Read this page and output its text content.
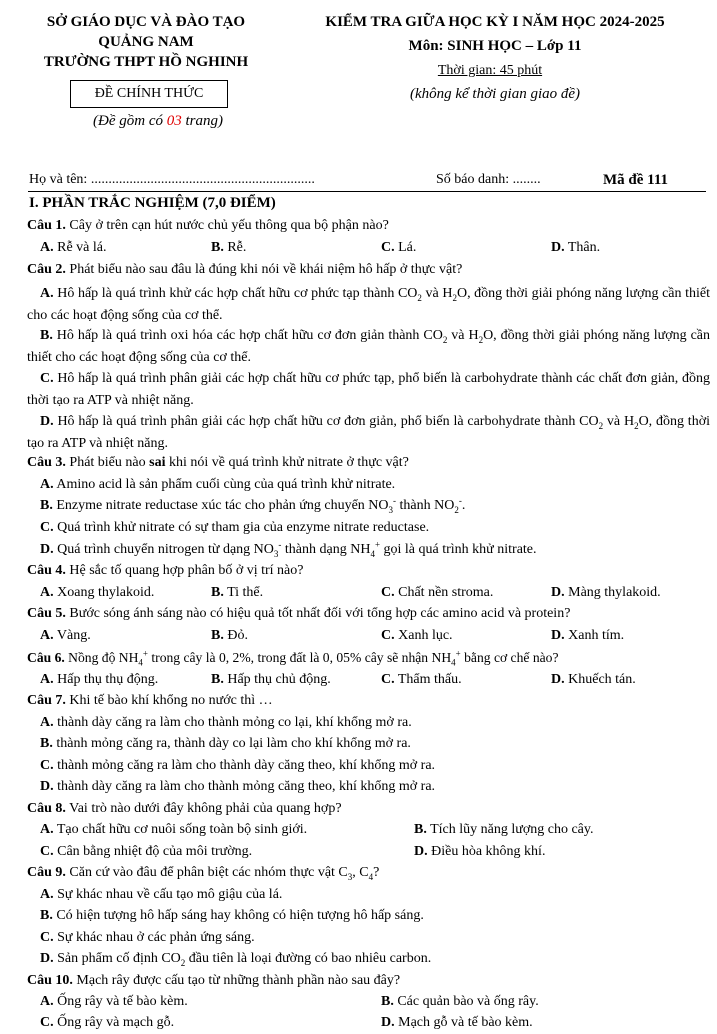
SỞ GIÁO DỤC VÀ ĐÀO TẠO
QUẢNG NAM
TRƯỜNG THPT HỒ NGHINH
ĐỀ CHÍNH THỨC
(Đề gồm có 03 trang)
KIỂM TRA GIỮA HỌC KỲ I NĂM HỌC 2024-2025
Môn: SINH HỌC – Lớp 11
Thời gian: 45 phút
(không kể thời gian giao đề)
Họ và tên: ................................................................	Số báo danh: ........	Mã đề 111
I. PHẦN TRẮC NGHIỆM (7,0 ĐIỂM)
Câu 1. Cây ở trên cạn hút nước chủ yếu thông qua bộ phận nào?
A. Rễ và lá.	B. Rễ.	C. Lá.	D. Thân.
Câu 2. Phát biểu nào sau đâu là đúng khi nói về khái niệm hô hấp ở thực vật?
A. Hô hấp là quá trình khử các hợp chất hữu cơ phức tạp thành $CO_2$ và $H_2O$, đồng thời giải phóng năng lượng cần thiết cho các hoạt động sống của cơ thể.
B. Hô hấp là quá trình oxi hóa các hợp chất hữu cơ đơn giản thành $CO_2$ và $H_2O$, đồng thời giải phóng năng lượng cần thiết cho các hoạt động sống của cơ thể.
C. Hô hấp là quá trình phân giải các hợp chất hữu cơ phức tạp, phổ biến là carbohydrate thành các chất đơn giản, đồng thời tạo ra ATP và nhiệt năng.
D. Hô hấp là quá trình phân giải các hợp chất hữu cơ đơn giản, phổ biến là carbohydrate thành $CO_2$ và $H_2O$, đồng thời tạo ra ATP và nhiệt năng.
Câu 3. Phát biểu nào sai khi nói về quá trình khử nitrate ở thực vật?
A. Amino acid là sản phẩm cuối cùng của quá trình khử nitrate.
B. Enzyme nitrate reductase xúc tác cho phản ứng chuyển $NO_3^-$ thành $NO_2^-$.
C. Quá trình khử nitrate có sự tham gia của enzyme nitrate reductase.
D. Quá trình chuyển nitrogen từ dạng $NO_3^-$ thành dạng $NH_4^+$ gọi là quá trình khử nitrate.
Câu 4. Hệ sắc tố quang hợp phân bố ở vị trí nào?
A. Xoang thylakoid.	B. Ti thể.	C. Chất nền stroma.	D. Màng thylakoid.
Câu 5. Bước sóng ánh sáng nào có hiệu quả tốt nhất đối với tổng hợp các amino acid và protein?
A. Vàng.	B. Đỏ.	C. Xanh lục.	D. Xanh tím.
Câu 6. Nồng độ $NH_4^+$ trong cây là 0, 2%, trong đất là 0, 05% cây sẽ nhận $NH_4^+$ bằng cơ chế nào?
A. Hấp thụ thụ động.	B. Hấp thụ chủ động.	C. Thẩm thấu.	D. Khuếch tán.
Câu 7. Khi tế bào khí khổng no nước thì …
A. thành dày căng ra làm cho thành mỏng co lại, khí khổng mở ra.
B. thành mỏng căng ra, thành dày co lại làm cho khí khổng mở ra.
C. thành mỏng căng ra làm cho thành dày căng theo, khí khổng mở ra.
D. thành dày căng ra làm cho thành mỏng căng theo, khí khổng mở ra.
Câu 8. Vai trò nào dưới đây không phải của quang hợp?
A. Tạo chất hữu cơ nuôi sống toàn bộ sinh giới.	B. Tích lũy năng lượng cho cây.
C. Cân bằng nhiệt độ của môi trường.	D. Điều hòa không khí.
Câu 9. Căn cứ vào đâu để phân biệt các nhóm thực vật $C_3$, $C_4$?
A. Sự khác nhau về cấu tạo mô giậu của lá.
B. Có hiện tượng hô hấp sáng hay không có hiện tượng hô hấp sáng.
C. Sự khác nhau ở các phản ứng sáng.
D. Sản phẩm cố định $CO_2$ đầu tiên là loại đường có bao nhiêu carbon.
Câu 10. Mạch rây được cấu tạo từ những thành phần nào sau đây?
A. Ống rây và tế bào kèm.	B. Các quản bào và ống rây.
C. Ống rây và mạch gỗ.	D. Mạch gỗ và tế bào kèm.
